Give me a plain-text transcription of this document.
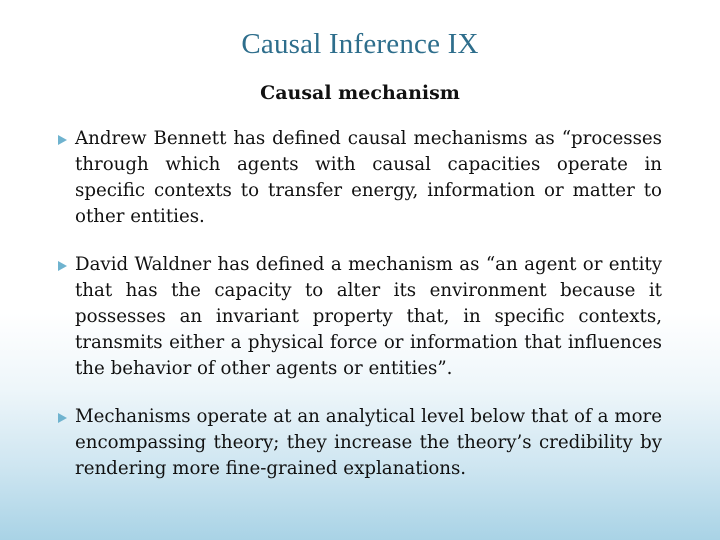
Causal Inference IX
Causal mechanism
Andrew Bennett has defined causal mechanisms as “processes through which agents with causal capacities operate in specific contexts to transfer energy, information or matter to other entities.
David Waldner has defined a mechanism as “an agent or entity that has the capacity to alter its environment because it possesses an invariant property that, in specific contexts, transmits either a physical force or information that influences the behavior of other agents or entities”.
Mechanisms operate at an analytical level below that of a more encompassing theory; they increase the theory’s credibility by rendering more fine-grained explanations.
